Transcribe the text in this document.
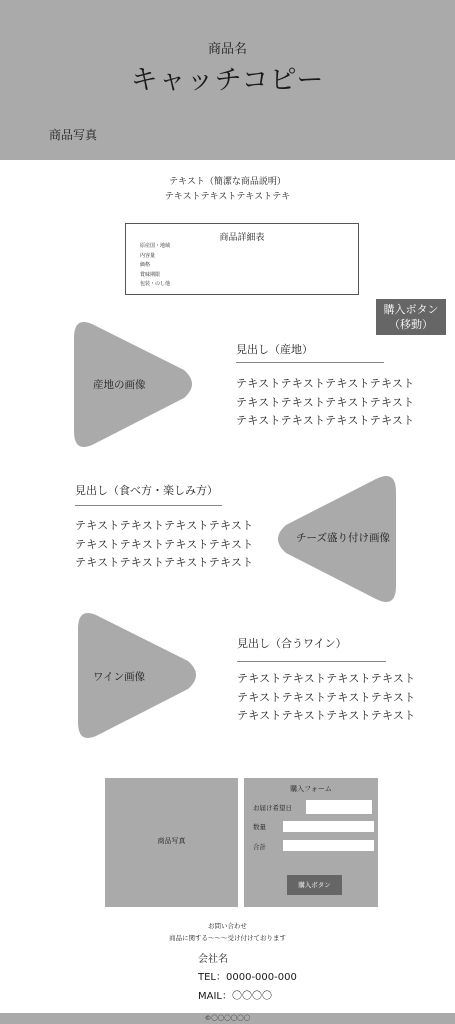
商品名
キャッチコピー
商品写真
テキスト（簡潔な商品説明）
テキストテキストテキストテキ
商品詳細表
原産国・地域
内容量
価格
賞味期限
包装・のし他
購入ボタン
（移動）
産地の画像
見出し（産地）
テキストテキストテキストテキスト
テキストテキストテキストテキスト
テキストテキストテキストテキスト
見出し（食べ方・楽しみ方）
テキストテキストテキストテキスト
テキストテキストテキストテキスト
テキストテキストテキストテキスト
チーズ盛り付け画像
ワイン画像
見出し（合うワイン）
テキストテキストテキストテキスト
テキストテキストテキストテキスト
テキストテキストテキストテキスト
商品写真
購入フォーム
お届け希望日
数量
合計
購入ボタン
お問い合わせ
商品に関する〜〜〜受け付けております
会社名
TEL：0000-000-000
MAIL：〇〇〇〇
©〇〇〇〇〇〇
